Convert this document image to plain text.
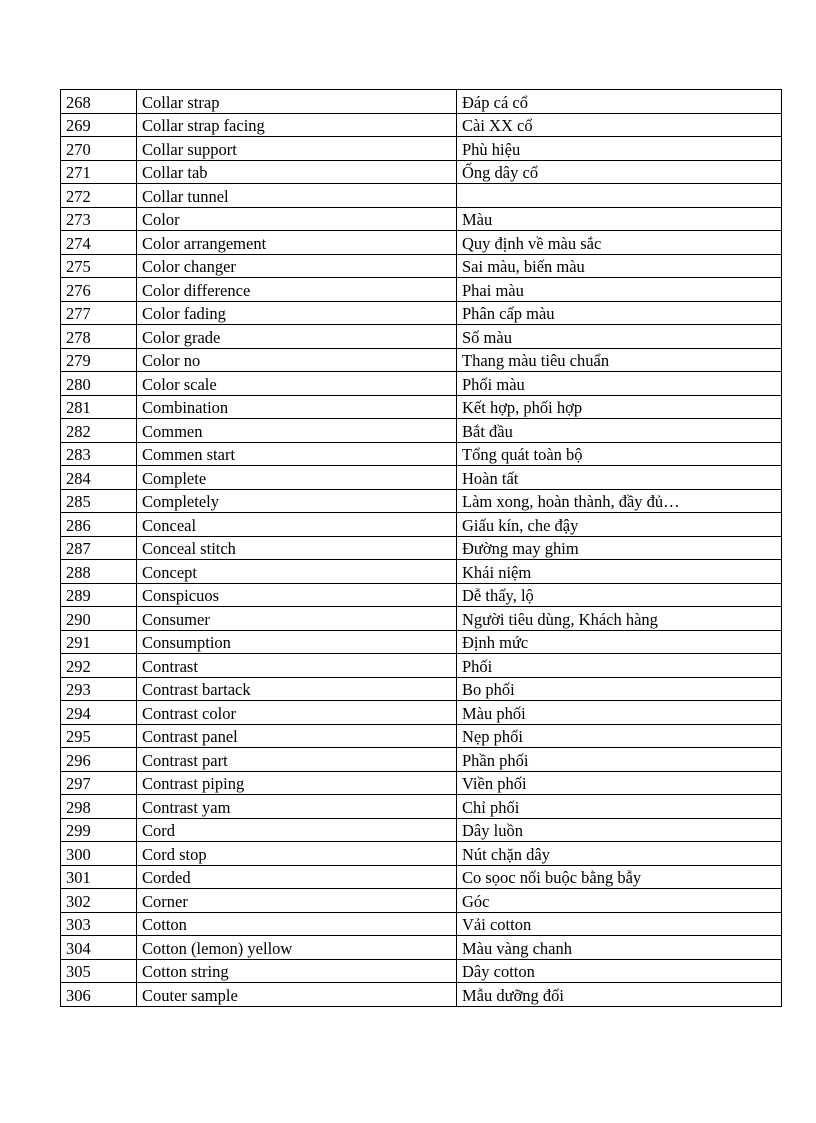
268	Collar strap	Đáp cá cổ
269	Collar strap facing	Cài XX cổ
270	Collar support	Phù hiệu
271	Collar tab	Ống dây cổ
272	Collar tunnel	
273	Color	Màu
274	Color arrangement	Quy định về màu sắc
275	Color changer	Sai màu, biến màu
276	Color difference	Phai màu
277	Color fading	Phân cấp màu
278	Color grade	Số màu
279	Color no	Thang màu tiêu chuẩn
280	Color scale	Phối màu
281	Combination	Kết hợp, phối hợp
282	Commen	Bắt đầu
283	Commen start	Tổng quát toàn bộ
284	Complete	Hoàn tất
285	Completely	Làm xong, hoàn thành, đầy đủ…
286	Conceal	Giấu kín, che đậy
287	Conceal stitch	Đường may ghim
288	Concept	Khái niệm
289	Conspicuos	Dễ thấy, lộ
290	Consumer	Người tiêu dùng, Khách hàng
291	Consumption	Định mức
292	Contrast	Phối
293	Contrast bartack	Bo phối
294	Contrast color	Màu phối
295	Contrast panel	Nẹp phối
296	Contrast part	Phần phối
297	Contrast piping	Viền phối
298	Contrast yam	Chỉ phối
299	Cord	Dây luồn
300	Cord stop	Nút chặn dây
301	Corded	Co sọoc nối buộc bằng bẫy
302	Corner	Góc
303	Cotton	Vải cotton
304	Cotton (lemon) yellow	Màu vàng chanh
305	Cotton string	Dây cotton
306	Couter sample	Mẫu dưỡng đối
